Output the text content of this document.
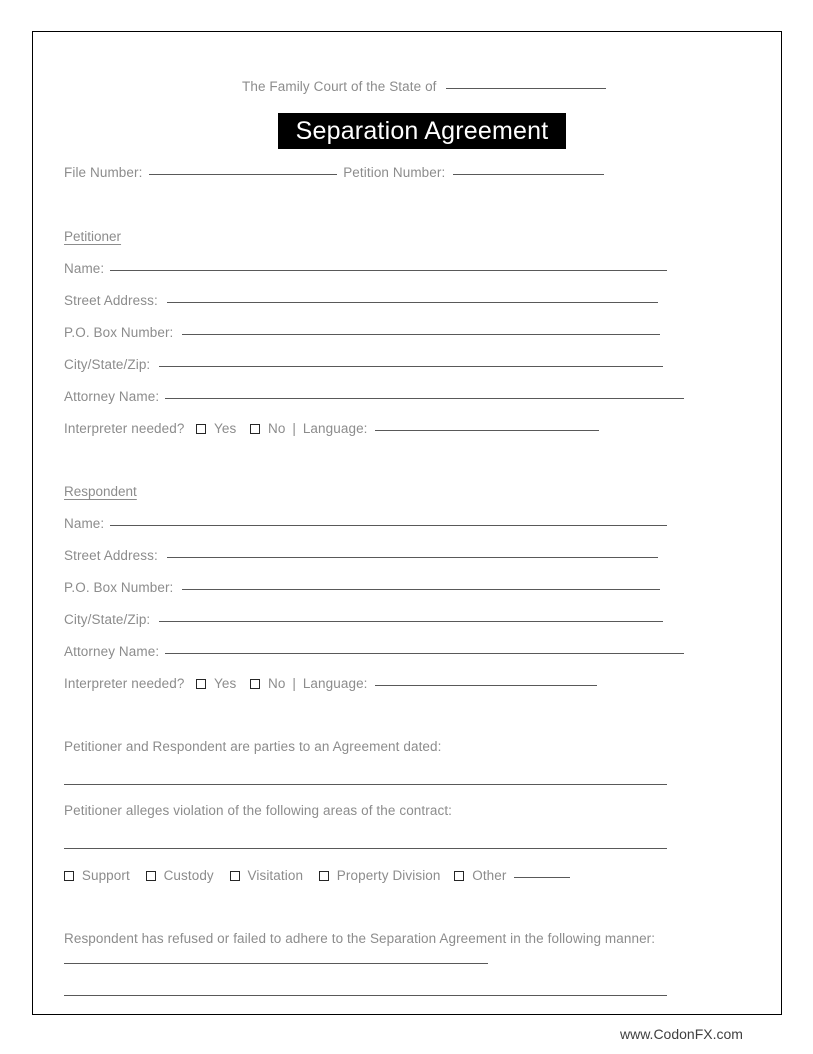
The Family Court of the State of
Separation Agreement
File Number:	Petition Number:
Petitioner
Name:
Street Address:
P.O. Box Number:
City/State/Zip:
Attorney Name:
Interpreter needed? Yes No | Language:
Respondent
Name:
Street Address:
P.O. Box Number:
City/State/Zip:
Attorney Name:
Interpreter needed? Yes No | Language:
Petitioner and Respondent are parties to an Agreement dated:
Petitioner alleges violation of the following areas of the contract:
Support Custody Visitation Property Division Other
Respondent has refused or failed to adhere to the Separation Agreement in the following manner:
www.CodonFX.com
